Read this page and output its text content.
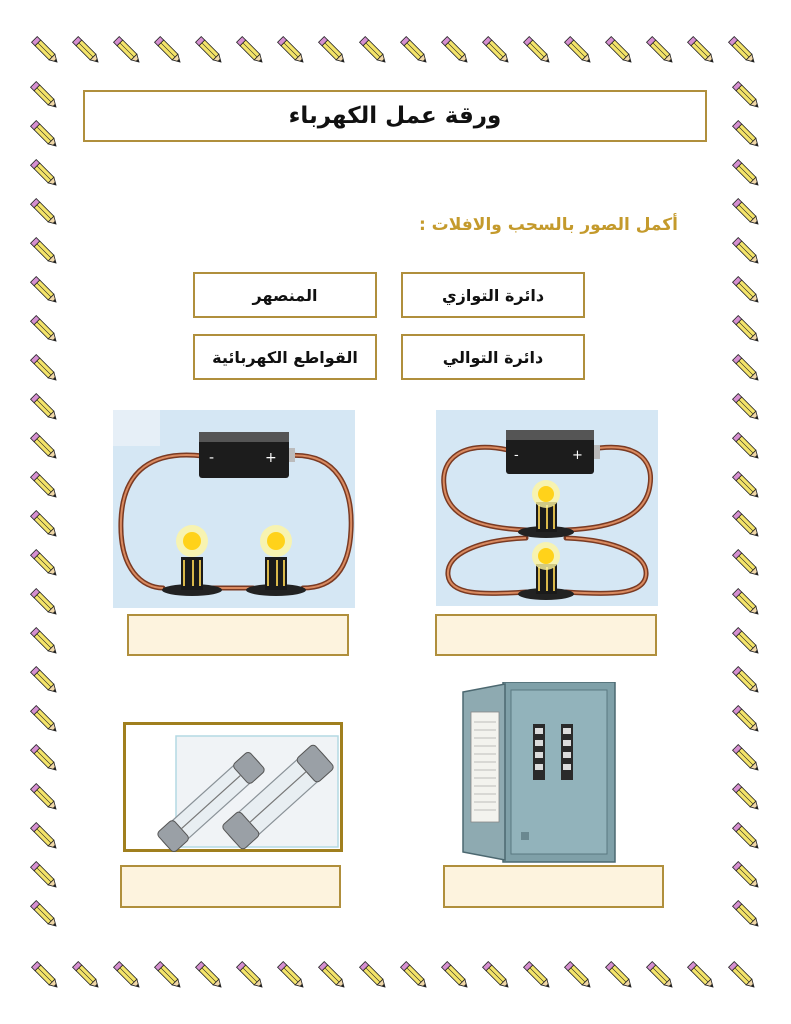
ورقة عمل الكهرباء
أكمل الصور بالسحب والافلات :
دائرة التوازي
المنصهر
دائرة التوالي
القواطع الكهربائية
-	+	-	+
